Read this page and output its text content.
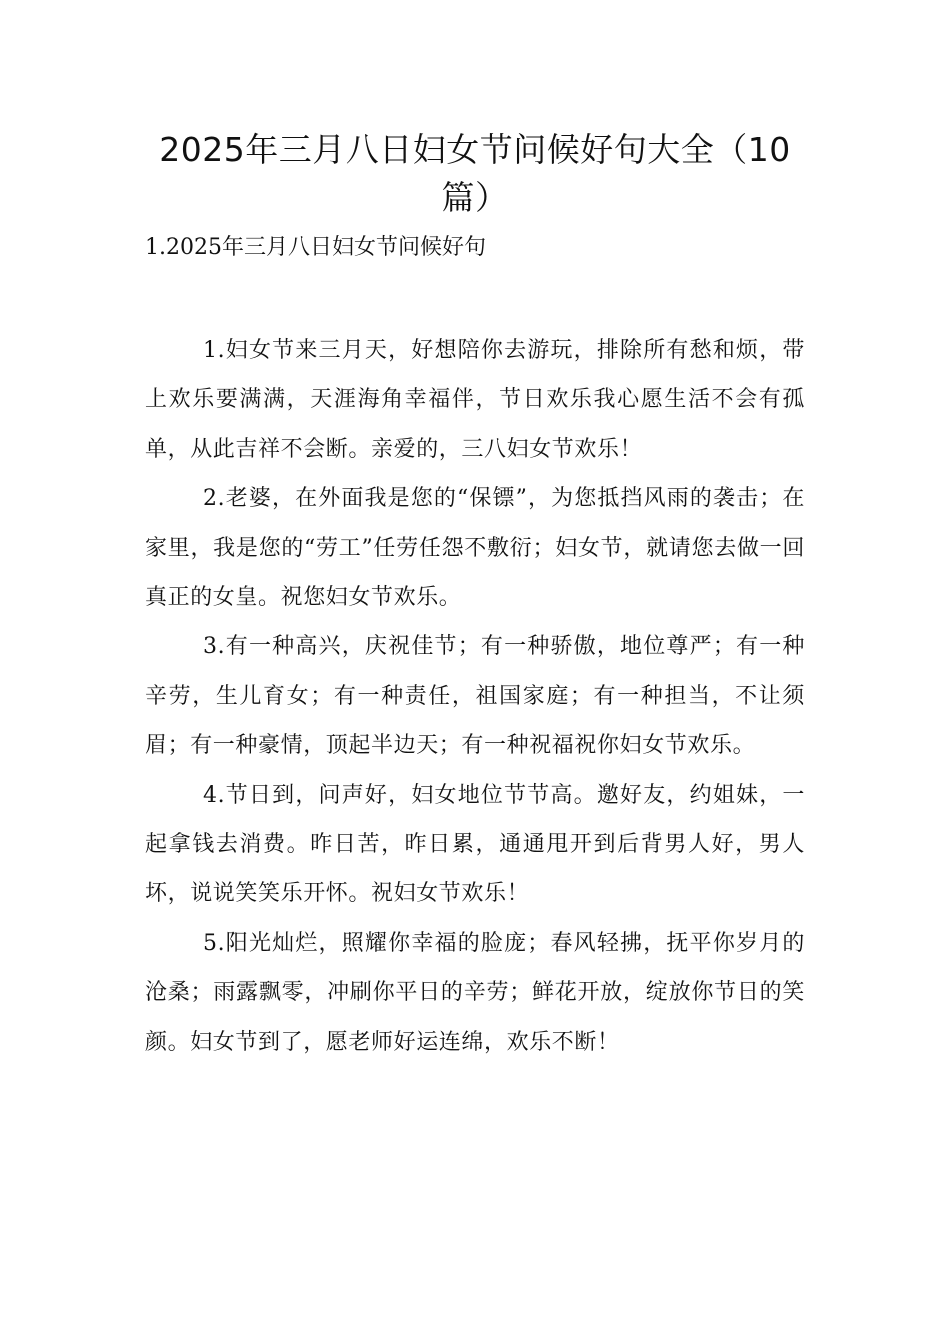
2025年三月八日妇女节问候好句大全（10篇）

1.2025年三月八日妇女节问候好句

1.妇女节来三月天，好想陪你去游玩，排除所有愁和烦，带上欢乐要满满，天涯海角幸福伴，节日欢乐我心愿生活不会有孤单，从此吉祥不会断。亲爱的，三八妇女节欢乐！

2.老婆，在外面我是您的“保镖”，为您抵挡风雨的袭击；在家里，我是您的“劳工”任劳任怨不敷衍；妇女节，就请您去做一回真正的女皇。祝您妇女节欢乐。

3.有一种高兴，庆祝佳节；有一种骄傲，地位尊严；有一种辛劳，生儿育女；有一种责任，祖国家庭；有一种担当，不让须眉；有一种豪情，顶起半边天；有一种祝福祝你妇女节欢乐。

4.节日到，问声好，妇女地位节节高。邀好友，约姐妹，一起拿钱去消费。昨日苦，昨日累，通通甩开到后背男人好，男人坏，说说笑笑乐开怀。祝妇女节欢乐！

5.阳光灿烂，照耀你幸福的脸庞；春风轻拂，抚平你岁月的沧桑；雨露飘零，冲刷你平日的辛劳；鲜花开放，绽放你节日的笑颜。妇女节到了，愿老师好运连绵，欢乐不断！
